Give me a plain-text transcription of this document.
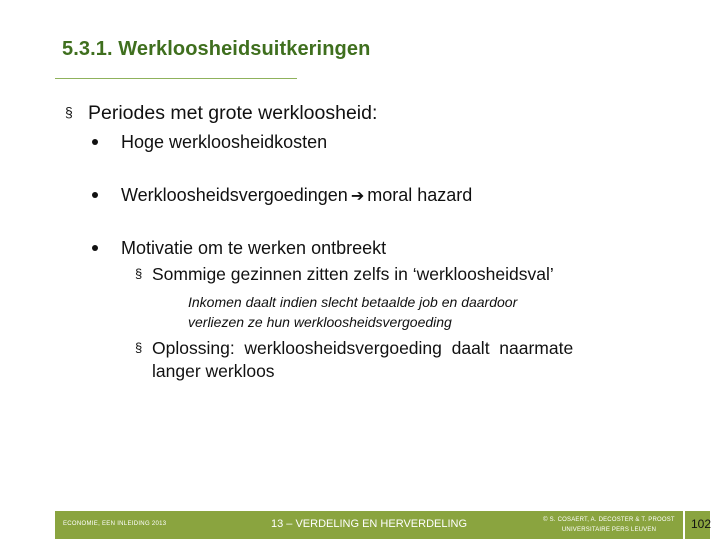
5.3.1. Werkloosheidsuitkeringen
§ Periodes met grote werkloosheid:
Hoge werkloosheidkosten
Werkloosheidsvergoedingen ➔ moral hazard
Motivatie om te werken ontbreekt
§ Sommige gezinnen zitten zelfs in ‘werkloosheidsval’
Inkomen daalt indien slecht betaalde job en daardoor
verliezen ze hun werkloosheidsvergoeding
§ Oplossing:  werkloosheidsvergoeding  daalt  naarmate
langer werkloos
ECONOMIE, EEN INLEIDING 2013	13 – VERDELING EN HERVERDELING	© S. COSAERT, A. DECOSTER & T. PROOST
UNIVERSITAIRE PERS LEUVEN	102
